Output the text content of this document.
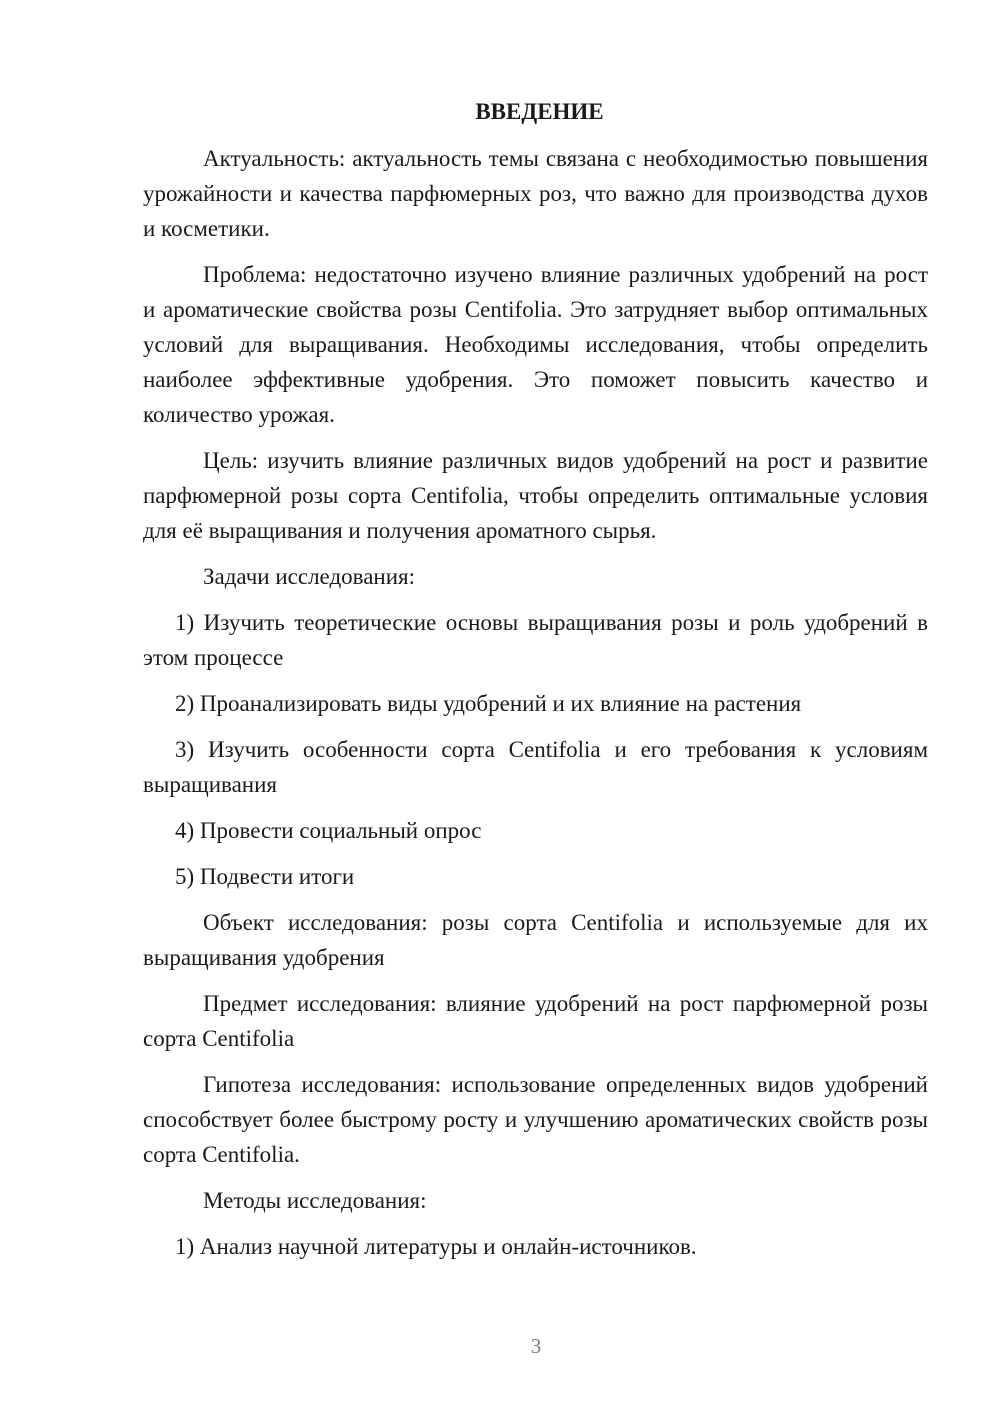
ВВЕДЕНИЕ

Актуальность: актуальность темы связана с необходимостью повышения урожайности и качества парфюмерных роз, что важно для производства духов и косметики.

Проблема: недостаточно изучено влияние различных удобрений на рост и ароматические свойства розы Centifolia. Это затрудняет выбор оптимальных условий для выращивания. Необходимы исследования, чтобы определить наиболее эффективные удобрения. Это поможет повысить качество и количество урожая.

Цель: изучить влияние различных видов удобрений на рост и развитие парфюмерной розы сорта Centifolia, чтобы определить оптимальные условия для её выращивания и получения ароматного сырья.

Задачи исследования:

1) Изучить теоретические основы выращивания розы и роль удобрений в этом процессе

2) Проанализировать виды удобрений и их влияние на растения

3) Изучить особенности сорта Centifolia и его требования к условиям выращивания

4) Провести социальный опрос

5) Подвести итоги

Объект исследования: розы сорта Centifolia и используемые для их выращивания удобрения

Предмет исследования: влияние удобрений на рост парфюмерной розы сорта Centifolia

Гипотеза исследования: использование определенных видов удобрений способствует более быстрому росту и улучшению ароматических свойств розы сорта Centifolia.

Методы исследования:

1) Анализ научной литературы и онлайн-источников.

3
